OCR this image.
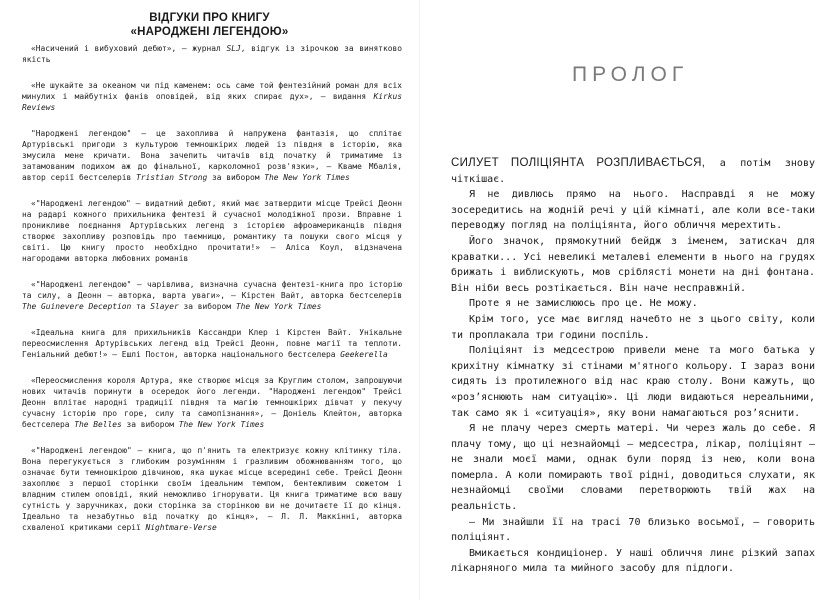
ВІДГУКИ ПРО КНИГУ
«НАРОДЖЕНІ ЛЕГЕНДОЮ»

«Насичений і вибуховий дебют», — журнал SLJ, відгук із зірочкою за винятково якість

«Не шукайте за океаном чи під каменем: ось саме той фентезійний роман для всіх минулих і майбутніх фанів оповідей, від яких спирає дух», — видання Kirkus Reviews

"Народжені легендою" — це захоплива й напружена фантазія, що сплітає Артурівські пригоди з культурою темношкірих людей із півдня в історію, яка змусила мене кричати. Вона зачепить читачів від початку й триматиме із затамованим подихом аж до фінальної, карколомної розв'язки», — Кваме Мбалія, автор серії бестселерів Tristian Strong за вибором The New York Times

«"Народжені легендою" — видатний дебют, який має затвердити місце Трейсі Деонн на радарі кожного прихильника фентезі й сучасної молодіжної прози. Вправне і проникливе поєднання Артурівських легенд з історією афроамериканців півдня створює захопливу розповідь про таємницю, романтику та пошуки свого місця у світі. Цю книгу просто необхідно прочитати!» — Аліса Коул, відзначена нагородами авторка любовних романів

«"Народжені легендою" — чарівлива, визначна сучасна фентезі-книга про історію та силу, а Деонн — авторка, варта уваги», — Кірстен Вайт, авторка бестселерів The Guinevere Deception та Slayer за вибором The New York Times

«Ідеальна книга для прихильників Кассандри Клер і Кірстен Вайт. Унікальне переосмислення Артурівських легенд від Трейсі Деонн, повне магії та теплоти. Геніальний дебют!» — Ешлі Постон, авторка національного бестселера Geekerella

«Переосмислення короля Артура, яке створює місця за Круглим столом, запрошуючи нових читачів поринути в осередок його легенди. "Народжені легендою" Трейсі Деонн вплітає народні традиції півдня та магію темношкірих дівчат у пекучу сучасну історію про горе, силу та самопізнання», — Доніель Клейтон, авторка бестселера The Belles за вибором The New York Times

«"Народжені легендою" — книга, що п'янить та електризує кожну клітинку тіла. Вона перегукується з глибоким розумінням і гразливим обожнюванням того, що означає бути темношкірою дівчиною, яка шукає місце всередині себе. Трейсі Деонн захоплює з першої сторінки своїм ідеальним темпом, бентежливим сюжетом і владним стилем оповіді, який неможливо ігнорувати. Ця книга триматиме всю вашу сутність у заручниках, доки сторінка за сторінкою ви не дочитаєте її до кінця. Ідеально та незабутньо від початку до кінця», — Л. Л. Маккінні, авторка схваленої критиками серії Nightmare-Verse

ПРОЛОГ

СИЛУЕТ ПОЛІЦІЯНТА РОЗПЛИВАЄТЬСЯ, а потім знову чіткішає.

Я не дивлюсь прямо на нього. Насправді я не можу зосередитись на жодній речі у цій кімнаті, але коли все-таки переводжу погляд на поліціянта, його обличчя мерехтить.

Його значок, прямокутний бейдж з іменем, затискач для краватки... Усі невеликі металеві елементи в нього на грудях брижать і виблискують, мов сріблясті монети на дні фонтана. Він ніби весь розтікається. Він наче несправжній.

Проте я не замислююсь про це. Не можу.

Крім того, усе має вигляд начебто не з цього світу, коли ти проплакала три години поспіль.

Поліціянт із медсестрою привели мене та мого батька у крихітну кімнатку зі стінами м'ятного кольору. І зараз вони сидять із протилежного від нас краю столу. Вони кажуть, що «розʼяснюють нам ситуацію». Ці люди видаються нереальними, так само як і «ситуація», яку вони намагаються розʼяснити.

Я не плачу через смерть матері. Чи через жаль до себе. Я плачу тому, що ці незнайомці — медсестра, лікар, поліціянт — не знали моєї мами, однак були поряд із нею, коли вона померла. А коли помирають твої рідні, доводиться слухати, як незнайомці своїми словами перетворюють твій жах на реальність.

— Ми знайшли її на трасі 70 близько восьмої, — говорить поліціянт.

Вмикається кондиціонер. У наші обличчя линє різкий запах лікарняного мила та мийного засобу для підлоги.
